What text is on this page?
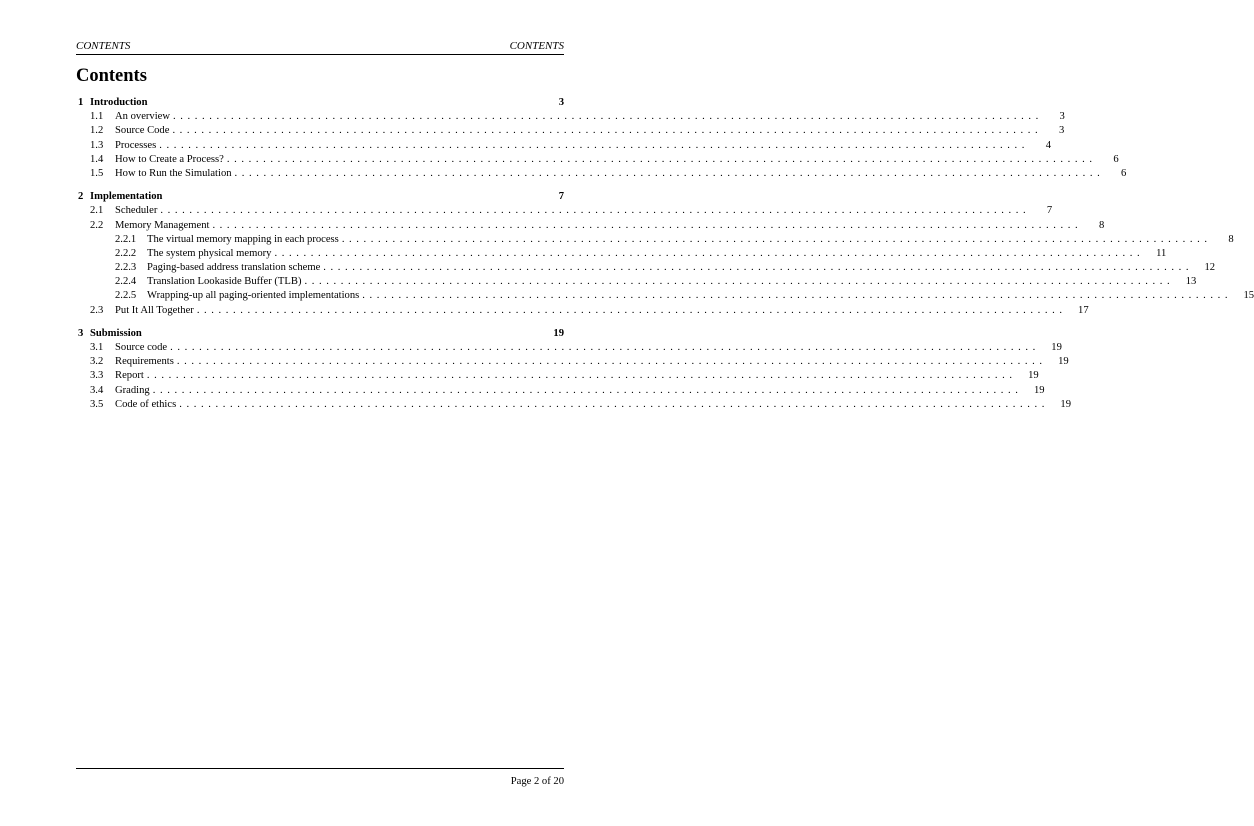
CONTENTS	CONTENTS
Contents
1 Introduction	3
1.1 An overview ........................................................................................................................	3
1.2 Source Code ........................................................................................................................	3
1.3 Processes ........................................................................................................................	4
1.4 How to Create a Process? ........................................................................................................................	6
1.5 How to Run the Simulation ........................................................................................................................	6
2 Implementation	7
2.1 Scheduler ........................................................................................................................	7
2.2 Memory Management ........................................................................................................................	8
2.2.1 The virtual memory mapping in each process ........................................................................................................................	8
2.2.2 The system physical memory ........................................................................................................................	11
2.2.3 Paging-based address translation scheme ........................................................................................................................	12
2.2.4 Translation Lookaside Buffer (TLB) ........................................................................................................................	13
2.2.5 Wrapping-up all paging-oriented implementations ........................................................................................................................	15
2.3 Put It All Together ........................................................................................................................	17
3 Submission	19
3.1 Source code ........................................................................................................................	19
3.2 Requirements ........................................................................................................................	19
3.3 Report ........................................................................................................................	19
3.4 Grading ........................................................................................................................	19
3.5 Code of ethics ........................................................................................................................	19
Page 2 of 20
